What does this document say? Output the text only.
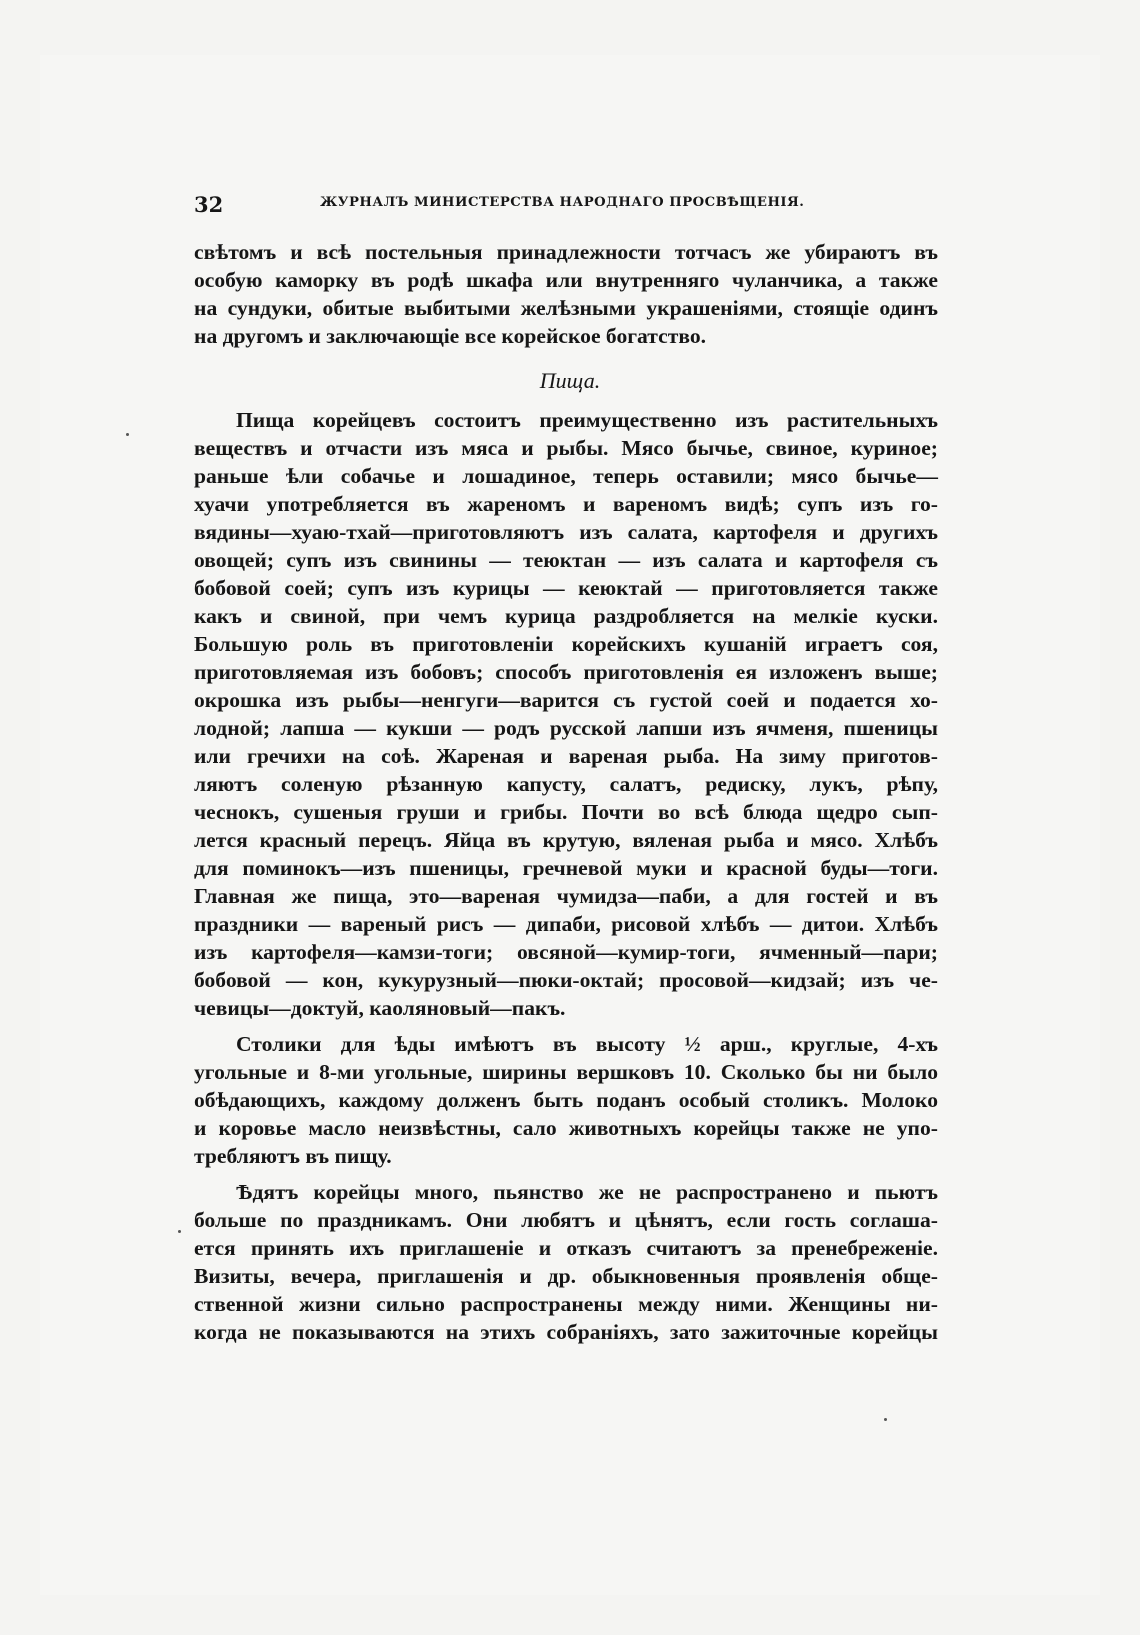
32	ЖУРНАЛЪ МИНИСТЕРСТВА НАРОДНАГО ПРОСВѢЩЕНІЯ.
свѣтомъ и всѣ постельныя принадлежности тотчасъ же убираютъ въ
особую каморку въ родѣ шкафа или внутренняго чуланчика, а также
на сундуки, обитые выбитыми желѣзными украшеніями, стоящіе одинъ
на другомъ и заключающіе все корейское богатство.
Пища.
Пища корейцевъ состоитъ преимущественно изъ растительныхъ
веществъ и отчасти изъ мяса и рыбы. Мясо бычье, свиное, куриное;
раньше ѣли собачье и лошадиное, теперь оставили; мясо бычье—
хуачи употребляется въ жареномъ и вареномъ видѣ; супъ изъ го-
вядины—хуаю-тхай—приготовляютъ изъ салата, картофеля и другихъ
овощей; супъ изъ свинины — теюктан — изъ салата и картофеля съ
бобовой соей; супъ изъ курицы — кеюктай — приготовляется также
какъ и свиной, при чемъ курица раздробляется на мелкіе куски.
Большую роль въ приготовленіи корейскихъ кушаній играетъ соя,
приготовляемая изъ бобовъ; способъ приготовленія ея изложенъ выше;
окрошка изъ рыбы—ненгуги—варится съ густой соей и подается хо-
лодной; лапша — кукши — родъ русской лапши изъ ячменя, пшеницы
или гречихи на соѣ. Жареная и вареная рыба. На зиму приготов-
ляютъ соленую рѣзанную капусту, салатъ, редиску, лукъ, рѣпу,
чеснокъ, сушеныя груши и грибы. Почти во всѣ блюда щедро сып-
лется красный перецъ. Яйца въ крутую, вяленая рыба и мясо. Хлѣбъ
для поминокъ—изъ пшеницы, гречневой муки и красной буды—тоги.
Главная же пища, это—вареная чумидза—паби, а для гостей и въ
праздники — вареный рисъ — дипаби, рисовой хлѣбъ — дитои. Хлѣбъ
изъ картофеля—камзи-тоги; овсяной—кумир-тоги, ячменный—пари;
бобовой — кон, кукурузный—пюки-октай; просовой—кидзай; изъ че-
чевицы—доктуй, каоляновый—пакъ.
Столики для ѣды имѣютъ въ высоту ½ арш., круглые, 4-хъ
угольные и 8-ми угольные, ширины вершковъ 10. Сколько бы ни было
обѣдающихъ, каждому долженъ быть поданъ особый столикъ. Молоко
и коровье масло неизвѣстны, сало животныхъ корейцы также не упо-
требляютъ въ пищу.
Ѣдятъ корейцы много, пьянство же не распространено и пьютъ
больше по праздникамъ. Они любятъ и цѣнятъ, если гость соглаша-
ется принять ихъ приглашеніе и отказъ считаютъ за пренебреженіе.
Визиты, вечера, приглашенія и др. обыкновенныя проявленія обще-
ственной жизни сильно распространены между ними. Женщины ни-
когда не показываются на этихъ собраніяхъ, зато зажиточные корейцы
